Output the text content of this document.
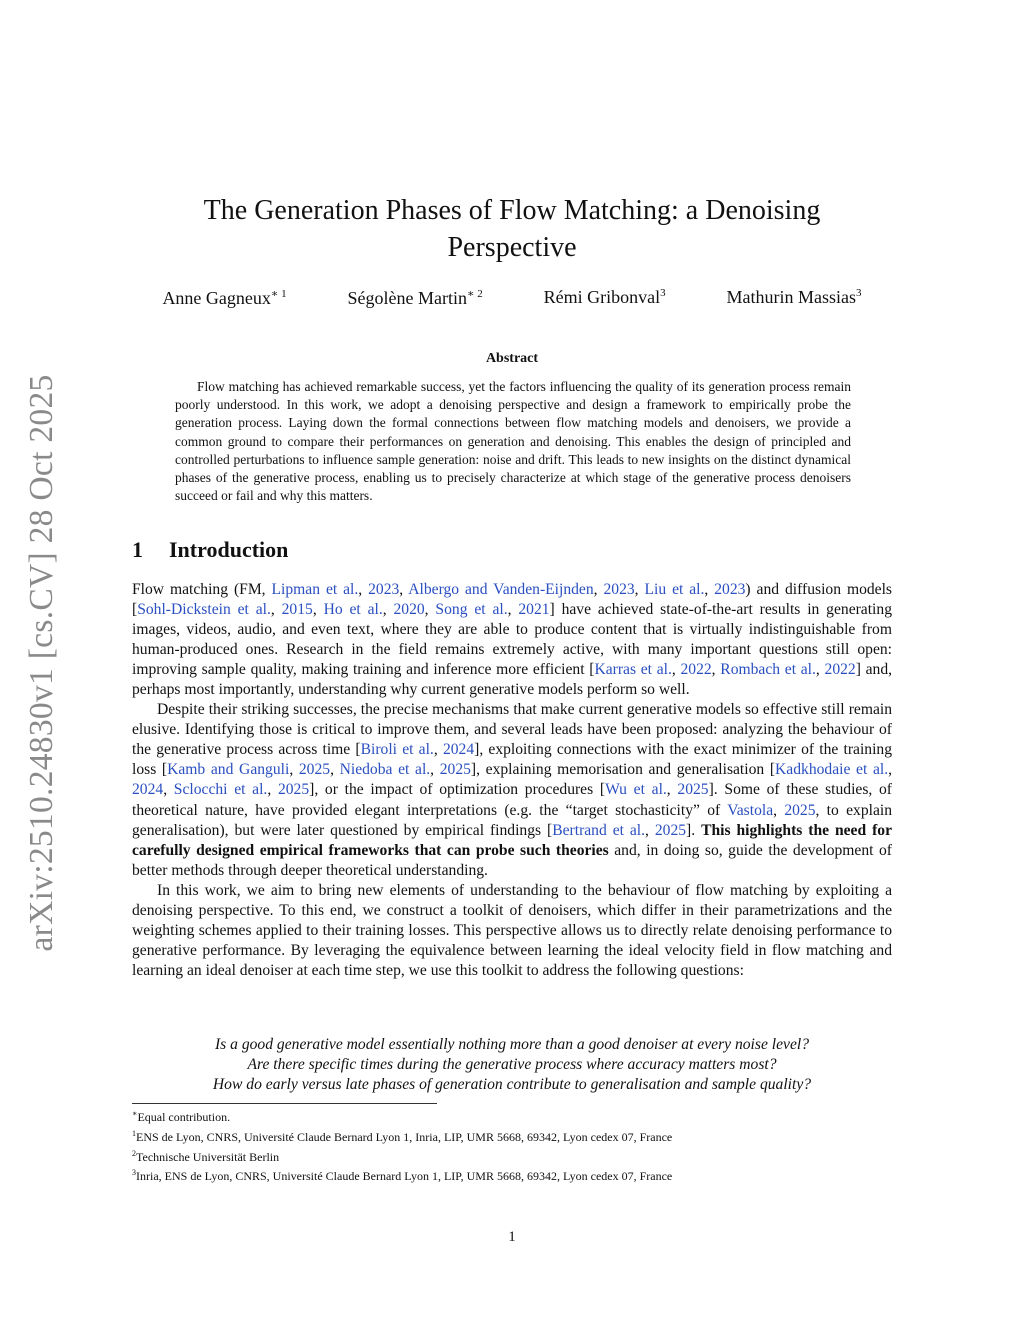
arXiv:2510.24830v1 [cs.CV] 28 Oct 2025
The Generation Phases of Flow Matching: a Denoising Perspective
Anne Gagneux$^{∗ 1}$	Ségolène Martin$^{∗ 2}$	Rémi Gribonval$^3$	Mathurin Massias$^3$
Abstract

Flow matching has achieved remarkable success, yet the factors influencing the quality of its generation process remain poorly understood. In this work, we adopt a denoising perspective and design a framework to empirically probe the generation process. Laying down the formal connections between flow matching models and denoisers, we provide a common ground to compare their performances on generation and denoising. This enables the design of principled and controlled perturbations to influence sample generation: noise and drift. This leads to new insights on the distinct dynamical phases of the generative process, enabling us to precisely characterize at which stage of the generative process denoisers succeed or fail and why this matters.

1 Introduction

Flow matching (FM, Lipman et al., 2023, Albergo and Vanden-Eijnden, 2023, Liu et al., 2023) and diffusion models [Sohl-Dickstein et al., 2015, Ho et al., 2020, Song et al., 2021] have achieved state-of-the-art results in generating images, videos, audio, and even text, where they are able to produce content that is virtually indistinguishable from human-produced ones. Research in the field remains extremely active, with many important questions still open: improving sample quality, making training and inference more efficient [Karras et al., 2022, Rombach et al., 2022] and, perhaps most importantly, understanding why current generative models perform so well.

Despite their striking successes, the precise mechanisms that make current generative models so effective still remain elusive. Identifying those is critical to improve them, and several leads have been proposed: analyzing the behaviour of the generative process across time [Biroli et al., 2024], exploiting connections with the exact minimizer of the training loss [Kamb and Ganguli, 2025, Niedoba et al., 2025], explaining memorisation and generalisation [Kadkhodaie et al., 2024, Sclocchi et al., 2025], or the impact of optimization procedures [Wu et al., 2025]. Some of these studies, of theoretical nature, have provided elegant interpretations (e.g. the “target stochasticity” of Vastola, 2025, to explain generalisation), but were later questioned by empirical findings [Bertrand et al., 2025]. This highlights the need for carefully designed empirical frameworks that can probe such theories and, in doing so, guide the development of better methods through deeper theoretical understanding.

In this work, we aim to bring new elements of understanding to the behaviour of flow matching by exploiting a denoising perspective. To this end, we construct a toolkit of denoisers, which differ in their parametrizations and the weighting schemes applied to their training losses. This perspective allows us to directly relate denoising performance to generative performance. By leveraging the equivalence between learning the ideal velocity field in flow matching and learning an ideal denoiser at each time step, we use this toolkit to address the following questions:

Is a good generative model essentially nothing more than a good denoiser at every noise level?
Are there specific times during the generative process where accuracy matters most?
How do early versus late phases of generation contribute to generalisation and sample quality?
∗Equal contribution.
$^1$ENS de Lyon, CNRS, Université Claude Bernard Lyon 1, Inria, LIP, UMR 5668, 69342, Lyon cedex 07, France
$^2$Technische Universität Berlin
$^3$Inria, ENS de Lyon, CNRS, Université Claude Bernard Lyon 1, LIP, UMR 5668, 69342, Lyon cedex 07, France
1
